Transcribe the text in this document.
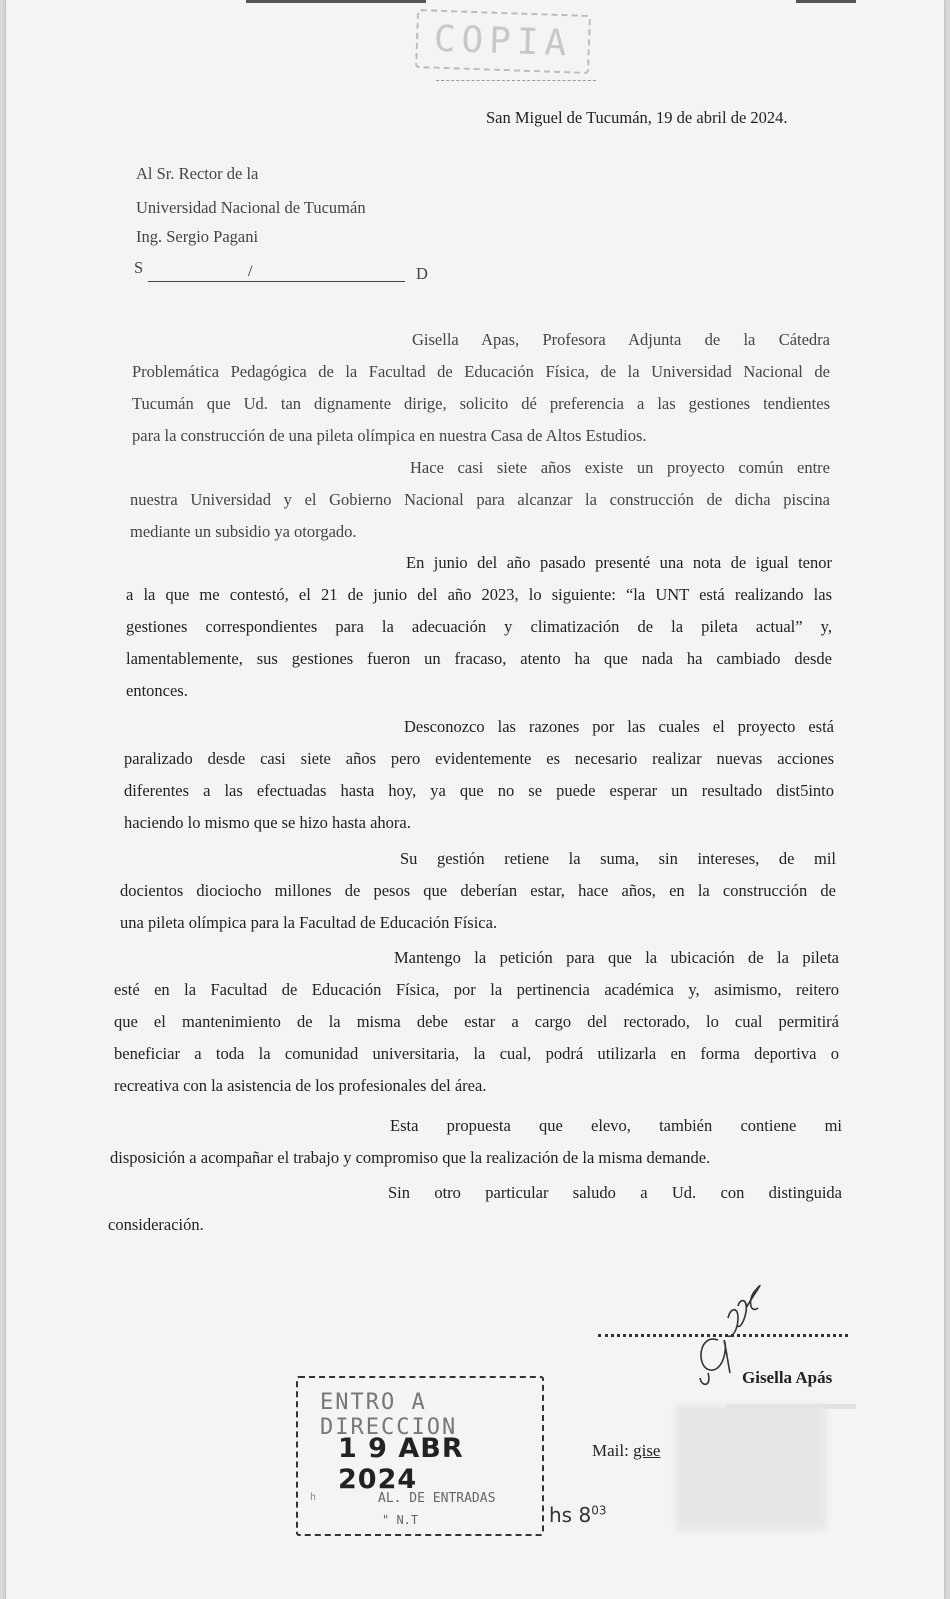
COPIA
San Miguel de Tucumán, 19 de abril de 2024.
Al Sr. Rector de la
Universidad Nacional de Tucumán
Ing. Sergio Pagani
S	/	D

Gisella Apas, Profesora Adjunta de la Cátedra

Problemática Pedagógica de la Facultad de Educación Física, de la Universidad Nacional de

Tucumán que Ud. tan dignamente dirige, solicito dé preferencia a las gestiones tendientes

para la construcción de una pileta olímpica en nuestra Casa de Altos Estudios.

Hace casi siete años existe un proyecto común entre

nuestra Universidad y el Gobierno Nacional para alcanzar la construcción de dicha piscina

mediante un subsidio ya otorgado.

En junio del año pasado presenté una nota de igual tenor

a la que me contestó, el 21 de junio del año 2023, lo siguiente: “la UNT está realizando las

gestiones correspondientes para la adecuación y climatización de la pileta actual” y,

lamentablemente, sus gestiones fueron un fracaso, atento ha que nada ha cambiado desde

entonces.

Desconozco las razones por las cuales el proyecto está

paralizado desde casi siete años pero evidentemente es necesario realizar nuevas acciones

diferentes a las efectuadas hasta hoy, ya que no se puede esperar un resultado dist5into

haciendo lo mismo que se hizo hasta ahora.

Su gestión retiene la suma, sin intereses, de mil

docientos diociocho millones de pesos que deberían estar, hace años, en la construcción de

una pileta olímpica para la Facultad de Educación Física.

Mantengo la petición para que la ubicación de la pileta

esté en la Facultad de Educación Física, por la pertinencia académica y, asimismo, reitero

que el mantenimiento de la misma debe estar a cargo del rectorado, lo cual permitirá

beneficiar a toda la comunidad universitaria, la cual, podrá utilizarla en forma deportiva o

recreativa con la asistencia de los profesionales del área.

Esta propuesta que elevo, también contiene mi

disposición a acompañar el trabajo y compromiso que la realización de la misma demande.

Sin otro particular saludo a Ud. con distinguida

consideración.

Gisella Apás
Mail: gise
ENTRO A DIRECCION
1 9 ABR 2024
h	AL. DE ENTRADAS
" N.T	hs $8^{03}$
